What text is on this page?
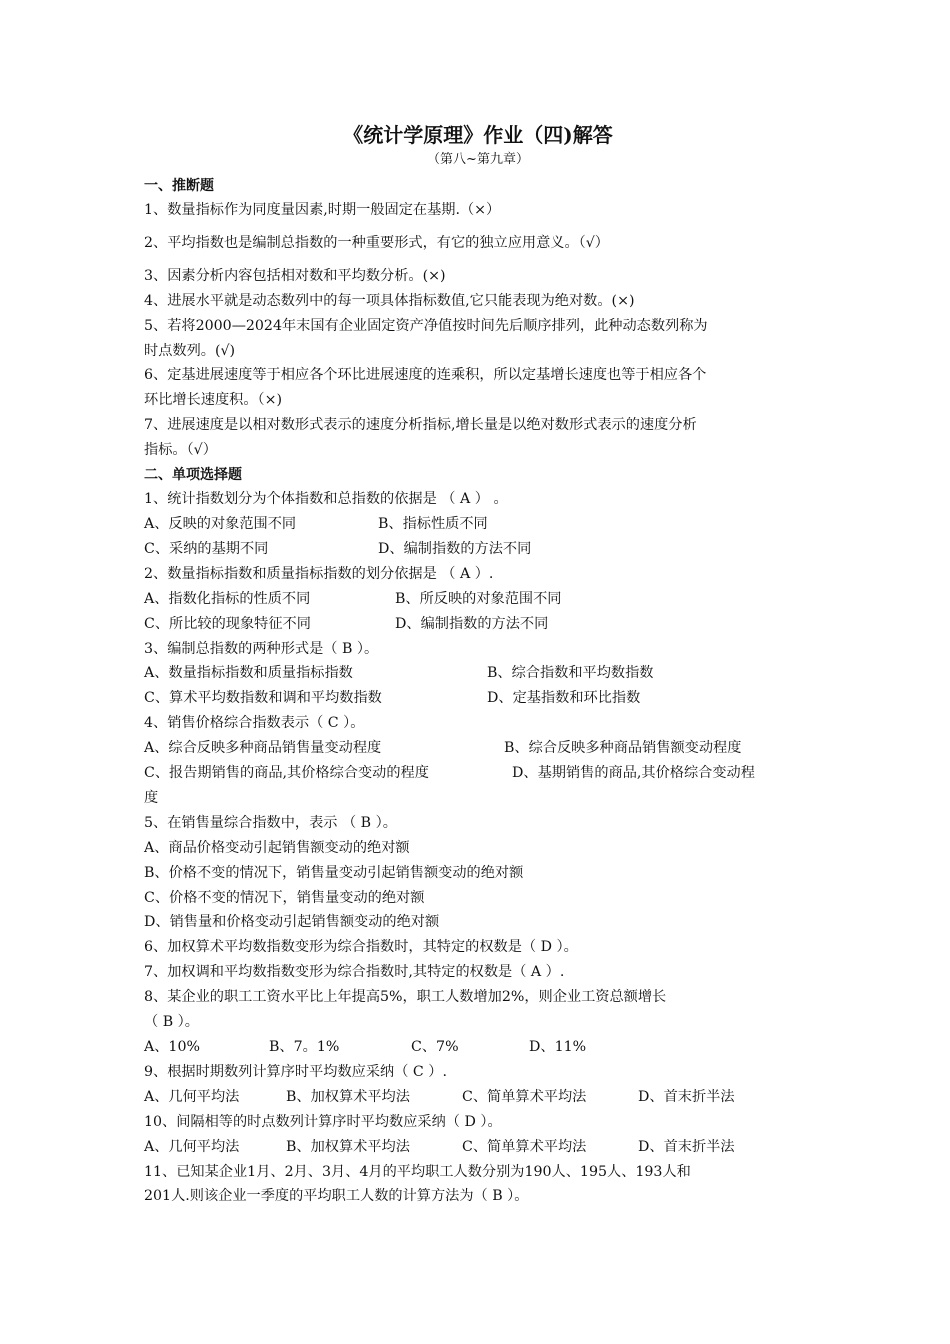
《统计学原理》作业（四)解答

（第八~第九章）

一、推断题

1、数量指标作为同度量因素,时期一般固定在基期.（×）

2、平均指数也是编制总指数的一种重要形式，有它的独立应用意义。（√）

3、因素分析内容包括相对数和平均数分析。(×)

4、进展水平就是动态数列中的每一项具体指标数值,它只能表现为绝对数。(×)

5、若将2000—2024年末国有企业固定资产净值按时间先后顺序排列，此种动态数列称为

时点数列。(√)

6、定基进展速度等于相应各个环比进展速度的连乘积，所以定基增长速度也等于相应各个

环比增长速度积。（×)

7、进展速度是以相对数形式表示的速度分析指标,增长量是以绝对数形式表示的速度分析

指标。（√）

二、单项选择题

1、统计指数划分为个体指数和总指数的依据是 （ A ） 。

A、反映的对象范围不同	B、指标性质不同

C、采纳的基期不同	D、编制指数的方法不同

2、数量指标指数和质量指标指数的划分依据是 （ A ）.

A、指数化指标的性质不同	B、所反映的对象范围不同

C、所比较的现象特征不同	D、编制指数的方法不同

3、编制总指数的两种形式是（ B ）。

A、数量指标指数和质量指标指数	B、综合指数和平均数指数

C、算术平均数指数和调和平均数指数	D、定基指数和环比指数

4、销售价格综合指数表示（ C ）。

A、综合反映多种商品销售量变动程度	B、综合反映多种商品销售额变动程度

C、报告期销售的商品,其价格综合变动的程度	D、基期销售的商品,其价格综合变动程

度

5、在销售量综合指数中，表示 （ B ）。

A、商品价格变动引起销售额变动的绝对额

B、价格不变的情况下，销售量变动引起销售额变动的绝对额

C、价格不变的情况下，销售量变动的绝对额

D、销售量和价格变动引起销售额变动的绝对额

6、加权算术平均数指数变形为综合指数时，其特定的权数是（ D ）。

7、加权调和平均数指数变形为综合指数时,其特定的权数是（ A ）.

8、某企业的职工工资水平比上年提高5%，职工人数增加2%，则企业工资总额增长

（ B ）。

A、10%	B、7。1%	C、7%	D、11%

9、根据时期数列计算序时平均数应采纳（ C ）.

A、几何平均法	B、加权算术平均法	C、简单算术平均法	D、首末折半法

10、间隔相等的时点数列计算序时平均数应采纳（ D ）。

A、几何平均法	B、加权算术平均法	C、简单算术平均法	D、首末折半法

11、已知某企业1月、2月、3月、4月的平均职工人数分别为190人、195人、193人和

201人.则该企业一季度的平均职工人数的计算方法为（ B ）。
